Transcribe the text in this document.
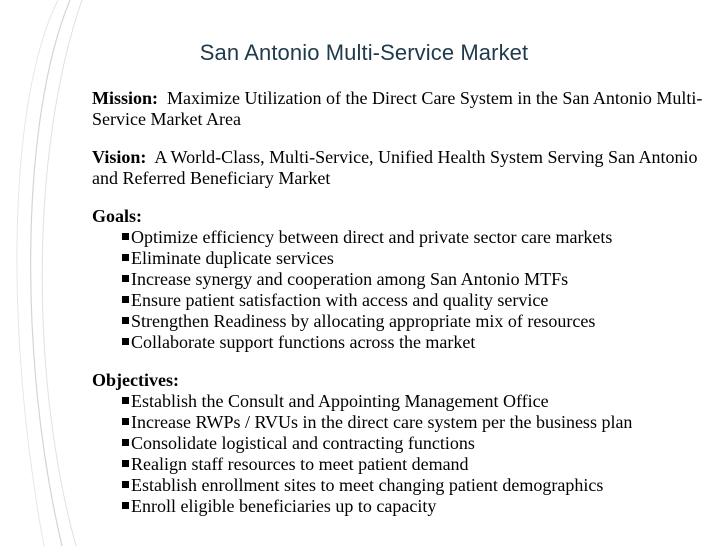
San Antonio Multi-Service Market

Mission: Maximize Utilization of the Direct Care System in the San Antonio Multi-Service Market Area

Vision: A World-Class, Multi-Service, Unified Health System Serving San Antonio and Referred Beneficiary Market

Goals:

Optimize efficiency between direct and private sector care markets
Eliminate duplicate services
Increase synergy and cooperation among San Antonio MTFs
Ensure patient satisfaction with access and quality service
Strengthen Readiness by allocating appropriate mix of resources
Collaborate support functions across the market

Objectives:

Establish the Consult and Appointing Management Office
Increase RWPs / RVUs in the direct care system per the business plan
Consolidate logistical and contracting functions
Realign staff resources to meet patient demand
Establish enrollment sites to meet changing patient demographics
Enroll eligible beneficiaries up to capacity
